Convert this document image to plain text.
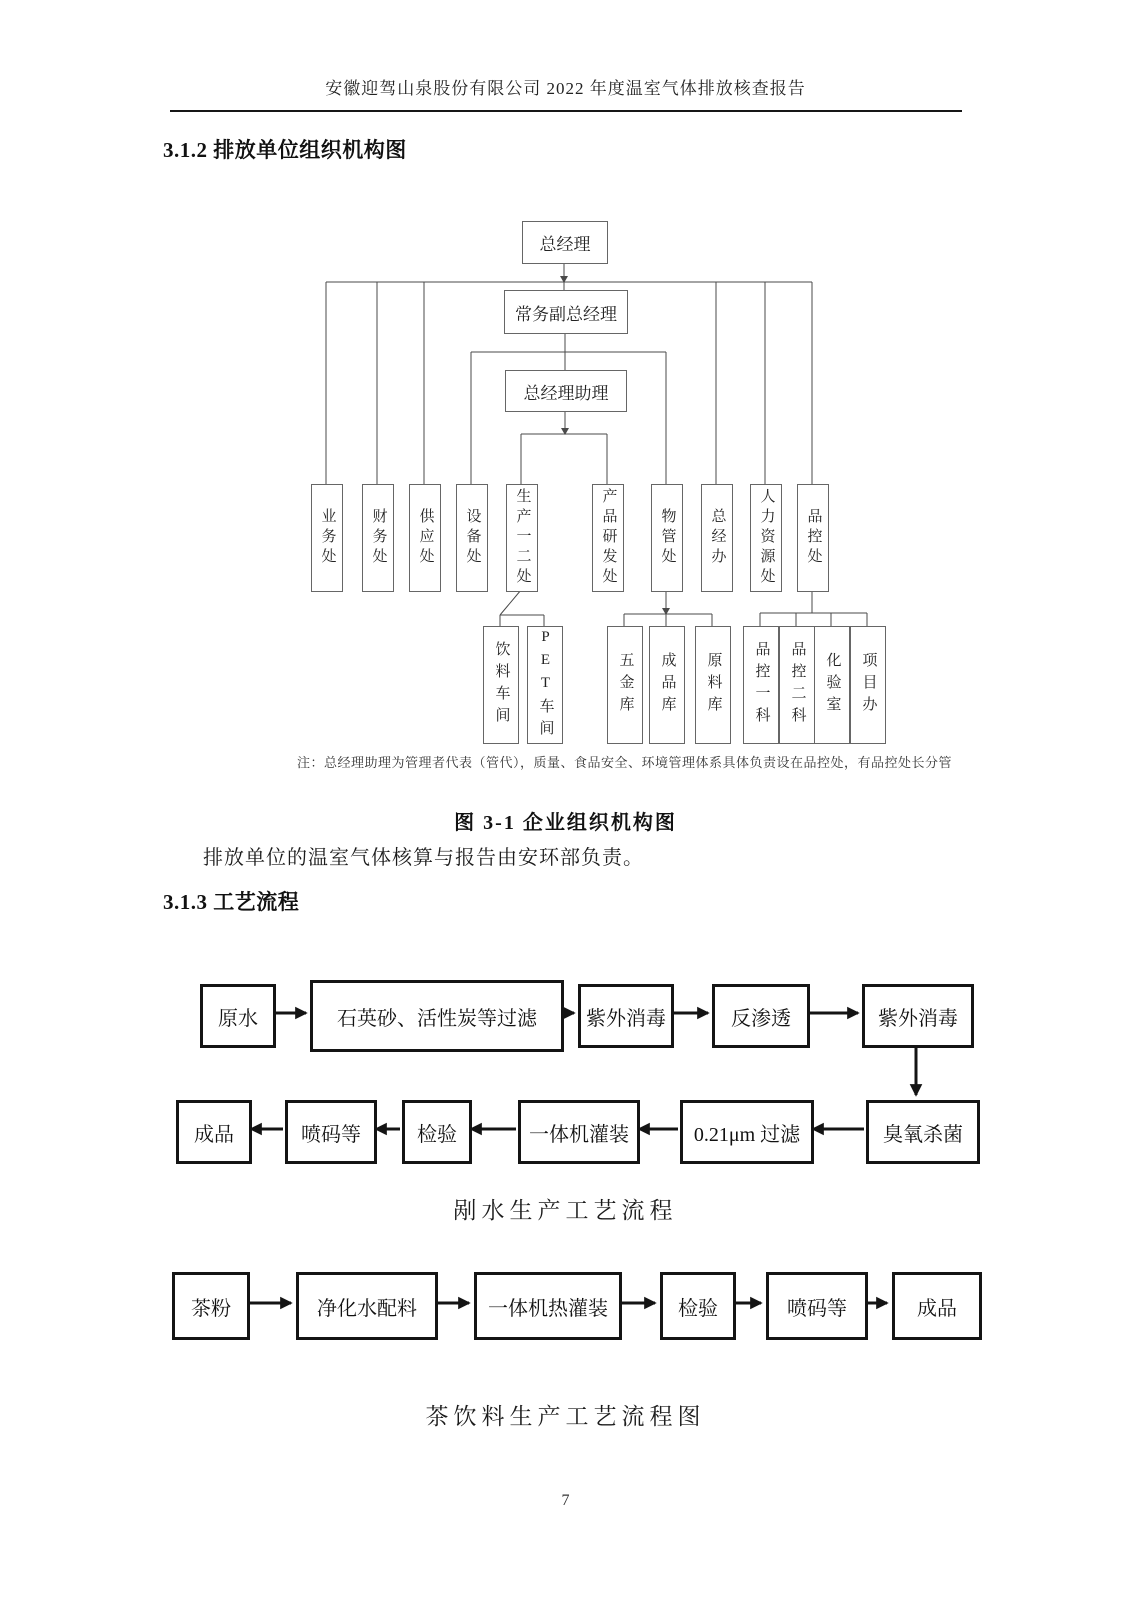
安徽迎驾山泉股份有限公司 2022 年度温室气体排放核查报告
3.1.2 排放单位组织机构图
总经理
常务副总经理
总经理助理
业务处 财务处 供应处 设备处 生产一二处	产品研发处	物管处 总经办 人力资源处 品控处
饮料车间 PET车间	五金库 成品库 原料库 品控一科 品控二科 化验室 项目办
注：总经理助理为管理者代表（管代），质量、食品安全、环境管理体系具体负责设在品控处，有品控处长分管
图 3-1 企业组织机构图
排放单位的温室气体核算与报告由安环部负责。
3.1.3 工艺流程
原水	石英砂、活性炭等过滤 紫外消毒	反渗透	紫外消毒
成品	喷码等	检验	一体机灌装	0.21μm 过滤	臭氧杀菌
剐水生产工艺流程
茶粉	净化水配料	一体机热灌装	检验	喷码等	成品
茶饮料生产工艺流程图
7
